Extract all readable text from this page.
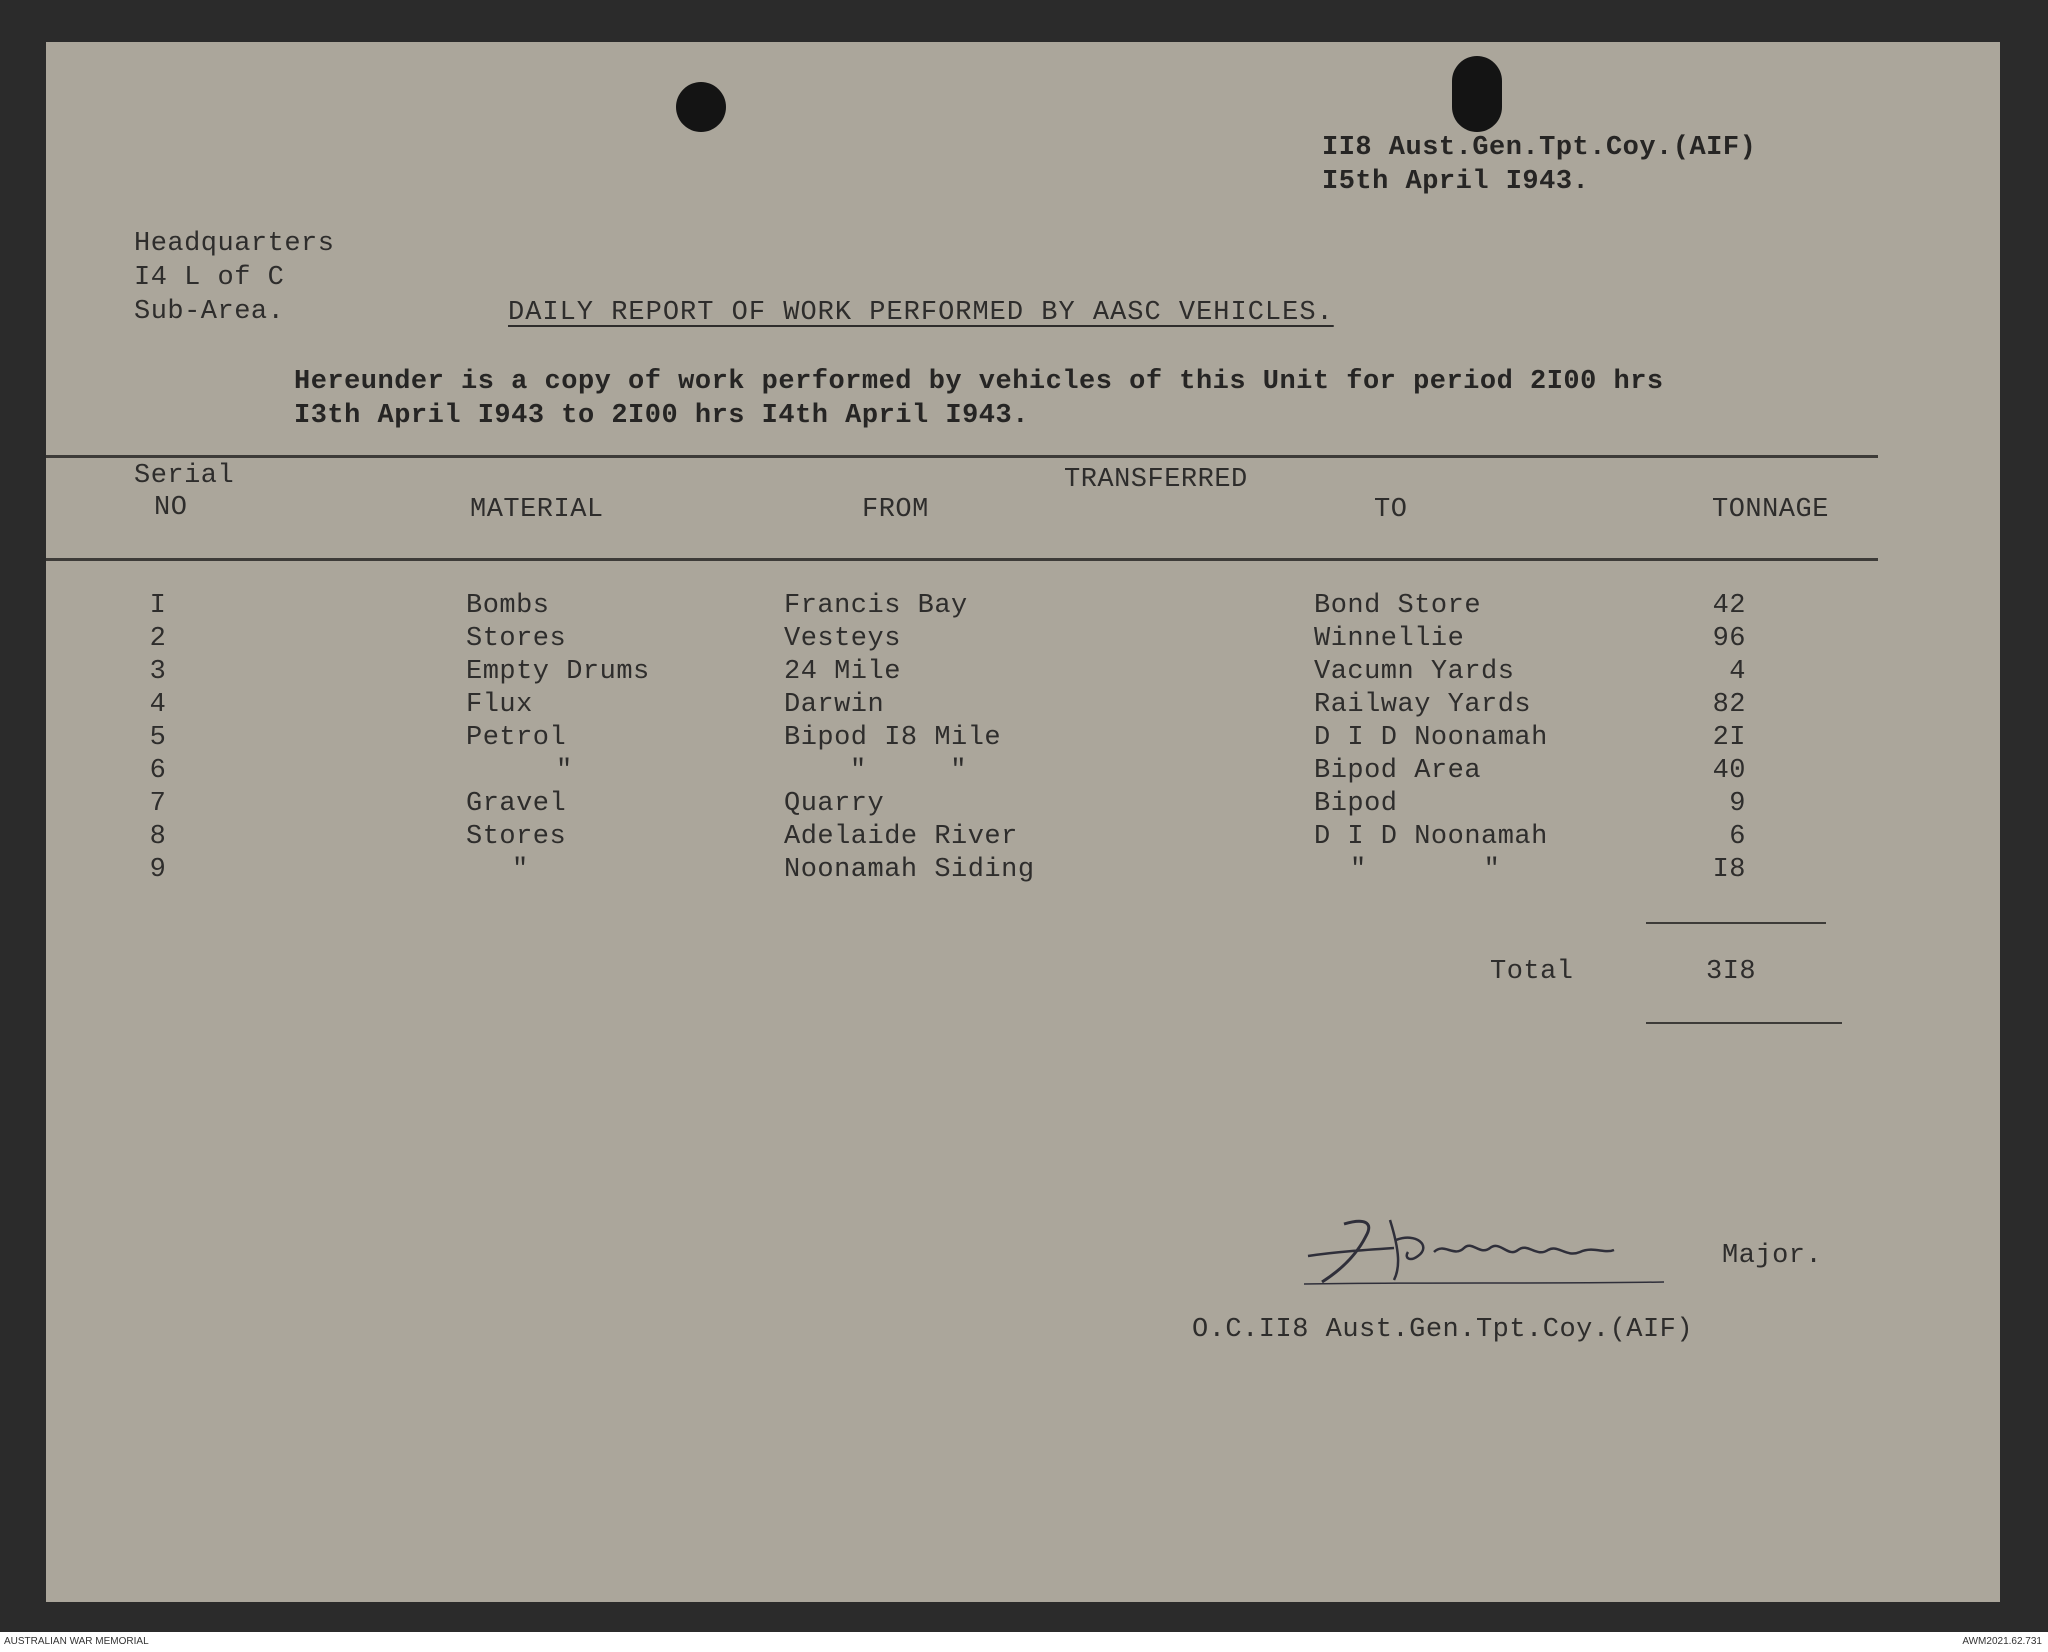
II8 Aust.Gen.Tpt.Coy.(AIF)
I5th April I943.
Headquarters
I4 L of C
Sub-Area.	DAILY REPORT OF WORK PERFORMED BY AASC VEHICLES.
Hereunder is a copy of work performed by vehicles of this Unit for period 2I00 hrs
I3th April I943 to 2I00 hrs I4th April I943.
Serial
NO	MATERIAL
TRANSFERRED
FROM	TO	TONNAGE
I	Bombs	Francis Bay	Bond Store	42
2	Stores	Vesteys	Winnellie	96
3	Empty Drums	24 Mile	Vacumn Yards	4
4	Flux	Darwin	Railway Yards	82
5	Petrol	Bipod I8 Mile	D I D Noonamah	2I
6	"	"     "	Bipod Area	40
7	Gravel	Quarry	Bipod	9
8	Stores	Adelaide River	D I D Noonamah	6
9	"	Noonamah Siding	"       "	I8
Total	3I8
Major.
O.C.II8 Aust.Gen.Tpt.Coy.(AIF)
AUSTRALIAN WAR MEMORIAL	AWM2021.62.731
